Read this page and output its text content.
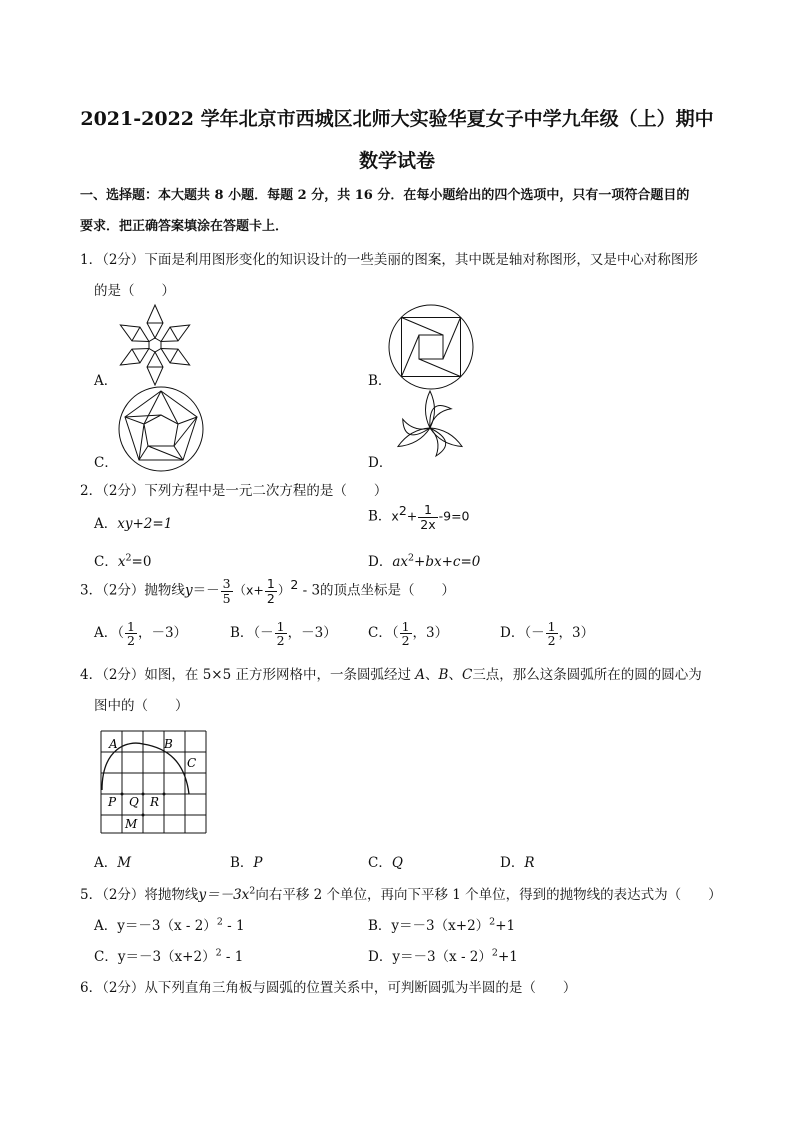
2021-2022 学年北京市西城区北师大实验华夏女子中学九年级（上）期中
数学试卷
一、选择题：本大题共 8 小题．每题 2 分，共 16 分．在每小题给出的四个选项中，只有一项符合题目的
要求．把正确答案填涂在答题卡上．
1．（2分）下面是利用图形变化的知识设计的一些美丽的图案，其中既是轴对称图形，又是中心对称图形
的是（　　）
A．	B．
C．	D．
2．（2分）下列方程中是一元二次方程的是（　　）
A．xy+2=1	B．$x^2+ \frac{1}{2x} -9=0$
C．$x^2=0$	D．$ax^2+bx+c=0$
3．（2分）抛物线$y=- \frac{3}{5} (x+ \frac{1}{2} )^2 - 3$的顶点坐标是（　　）
A．（ $\frac{1}{2}$ ，－3）	B．（－ $\frac{1}{2}$ ，－3） C．（ $\frac{1}{2}$ ，3）	D．（－ $\frac{1}{2}$ ，3）
4．（2分）如图，在 5×5 正方形网格中，一条圆弧经过 A、B、C三点，那么这条圆弧所在的圆的圆心为
图中的（　　）
A	B
C
P Q R
M
A．M	B．P	C．Q	D．R
5．（2分）将抛物线$y=-3x^2$向右平移 2 个单位，再向下平移 1 个单位，得到的抛物线的表达式为（　　）
A．y＝－3（x - 2）$^2$ - 1	B．$y=-3(x+2)^2+1$
C．$y=-3(x+2)^2 - 1$	D．y＝－3（x - 2）$^2$+1
6．（2分）从下列直角三角板与圆弧的位置关系中，可判断圆弧为半圆的是（　　）
